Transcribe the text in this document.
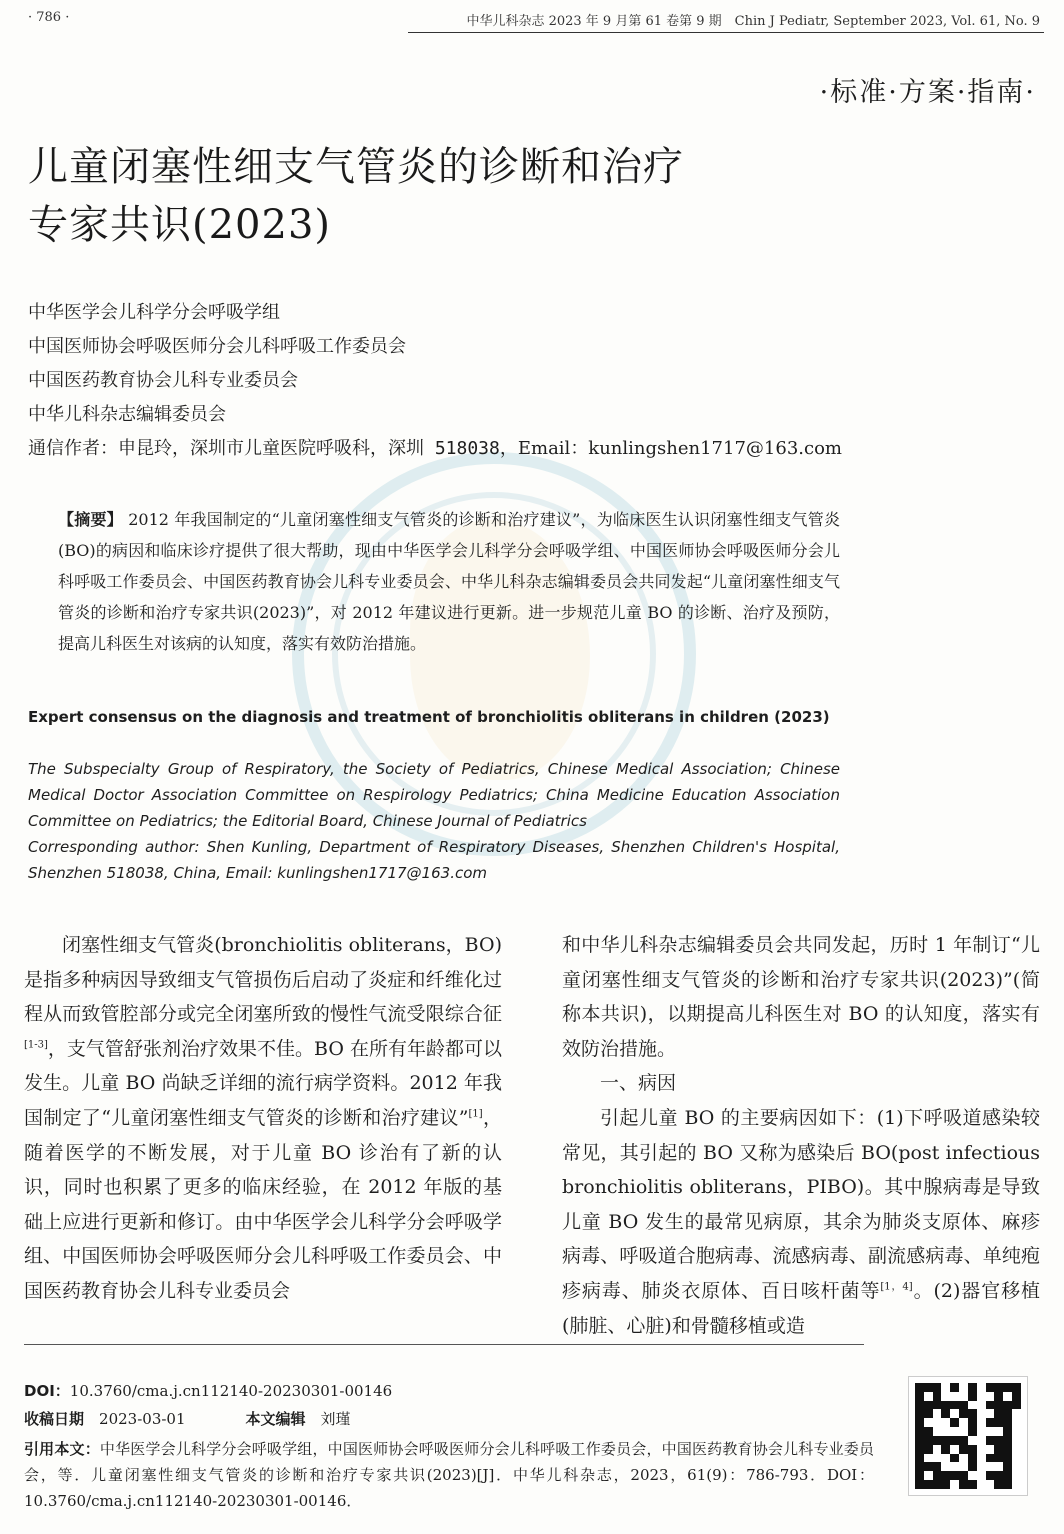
· 786 ·	中华儿科杂志 2023 年 9 月第 61 卷第 9 期　Chin J Pediatr, September 2023, Vol. 61, No. 9
·标准·方案·指南·
儿童闭塞性细支气管炎的诊断和治疗
专家共识(2023)
中华医学会儿科学分会呼吸学组
中国医师协会呼吸医师分会儿科呼吸工作委员会
中国医药教育协会儿科专业委员会
中华儿科杂志编辑委员会
通信作者：申昆玲，深圳市儿童医院呼吸科，深圳 518038，Email：kunlingshen1717@163.com
【摘要】 2012 年我国制定的“儿童闭塞性细支气管炎的诊断和治疗建议”，为临床医生认识闭塞性细支气管炎(BO)的病因和临床诊疗提供了很大帮助，现由中华医学会儿科学分会呼吸学组、中国医师协会呼吸医师分会儿科呼吸工作委员会、中国医药教育协会儿科专业委员会、中华儿科杂志编辑委员会共同发起“儿童闭塞性细支气管炎的诊断和治疗专家共识(2023)”，对 2012 年建议进行更新。进一步规范儿童 BO 的诊断、治疗及预防，提高儿科医生对该病的认知度，落实有效防治措施。
Expert consensus on the diagnosis and treatment of bronchiolitis obliterans in children (2023)
The Subspecialty Group of Respiratory, the Society of Pediatrics, Chinese Medical Association; Chinese Medical Doctor Association Committee on Respirology Pediatrics; China Medicine Education Association Committee on Pediatrics; the Editorial Board, Chinese Journal of Pediatrics
Corresponding author: Shen Kunling, Department of Respiratory Diseases, Shenzhen Children's Hospital, Shenzhen 518038, China, Email: kunlingshen1717@163.com
闭塞性细支气管炎(bronchiolitis obliterans，BO)是指多种病因导致细支气管损伤后启动了炎症和纤维化过程从而致管腔部分或完全闭塞所致的慢性气流受限综合征[1-3]，支气管舒张剂治疗效果不佳。BO 在所有年龄都可以发生。儿童 BO 尚缺乏详细的流行病学资料。2012 年我国制定了“儿童闭塞性细支气管炎的诊断和治疗建议”[1]，随着医学的不断发展，对于儿童 BO 诊治有了新的认识，同时也积累了更多的临床经验，在 2012 年版的基础上应进行更新和修订。由中华医学会儿科学分会呼吸学组、中国医师协会呼吸医师分会儿科呼吸工作委员会、中国医药教育协会儿科专业委员会
和中华儿科杂志编辑委员会共同发起，历时 1 年制订“儿童闭塞性细支气管炎的诊断和治疗专家共识(2023)”(简称本共识)，以期提高儿科医生对 BO 的认知度，落实有效防治措施。
一、病因
引起儿童 BO 的主要病因如下：(1)下呼吸道感染较常见，其引起的 BO 又称为感染后 BO(post infectious bronchiolitis obliterans，PIBO)。其中腺病毒是导致儿童 BO 发生的最常见病原，其余为肺炎支原体、麻疹病毒、呼吸道合胞病毒、流感病毒、副流感病毒、单纯疱疹病毒、肺炎衣原体、百日咳杆菌等[1，4]。(2)器官移植(肺脏、心脏)和骨髓移植或造
DOI：10.3760/cma.j.cn112140-20230301-00146
收稿日期　 2023-03-01	本文编辑　 刘瑾
引用本文：中华医学会儿科学分会呼吸学组，中国医师协会呼吸医师分会儿科呼吸工作委员会，中国医药教育协会儿科专业委员会，等．儿童闭塞性细支气管炎的诊断和治疗专家共识(2023)[J]．中华儿科杂志，2023，61(9)：786-793．DOI：10.3760/cma.j.cn112140-20230301-00146．
